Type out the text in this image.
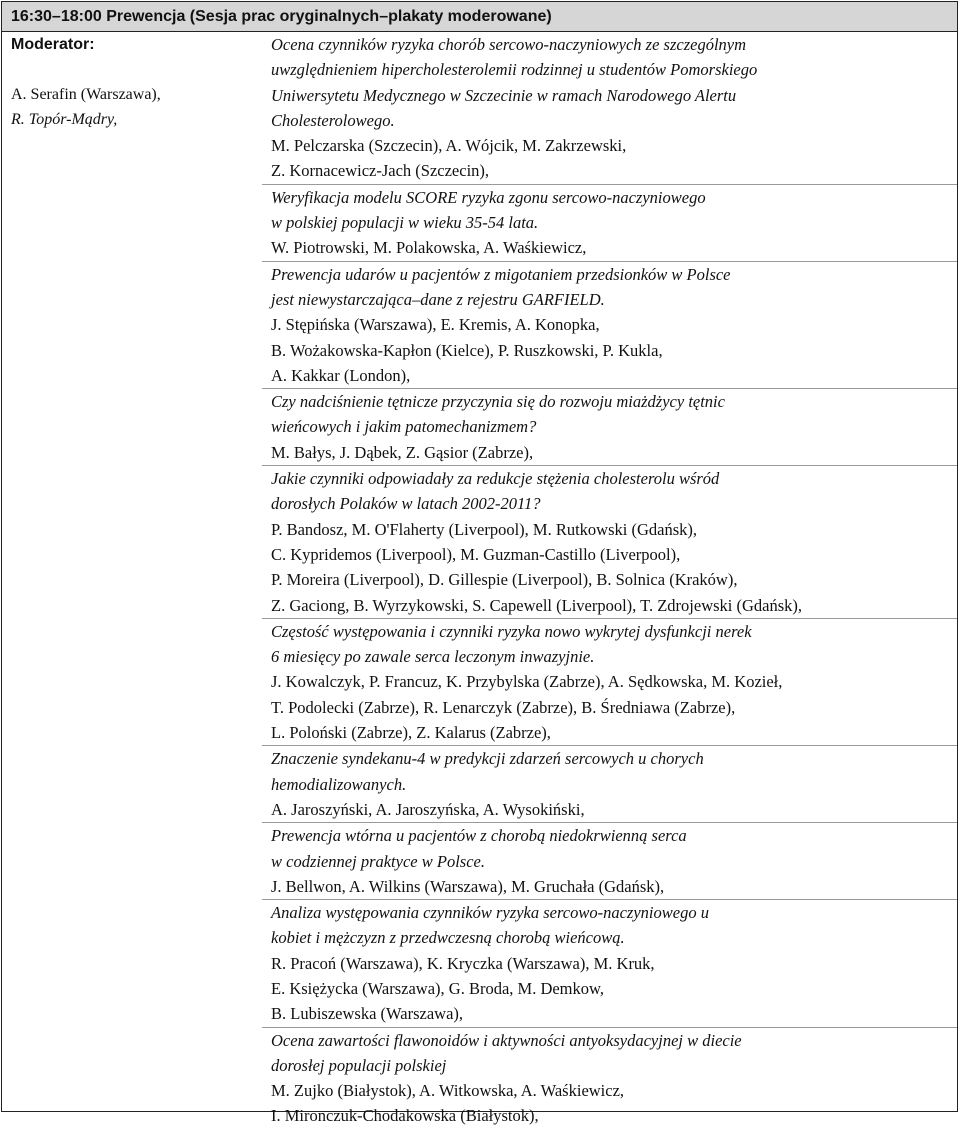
16:30–18:00 Prewencja (Sesja prac oryginalnych–plakaty moderowane)
Moderator:
A. Serafin (Warszawa),
R. Topór-Mądry,
Ocena czynników ryzyka chorób sercowo-naczyniowych ze szczególnym
uwzględnieniem hipercholesterolemii rodzinnej u studentów Pomorskiego
Uniwersytetu Medycznego w Szczecinie w ramach Narodowego Alertu
Cholesterolowego.
M. Pelczarska (Szczecin), A. Wójcik, M. Zakrzewski,
Z. Kornacewicz-Jach (Szczecin),
Weryfikacja modelu SCORE ryzyka zgonu sercowo-naczyniowego
w polskiej populacji w wieku 35-54 lata.
W. Piotrowski, M. Polakowska, A. Waśkiewicz,
Prewencja udarów u pacjentów z migotaniem przedsionków w Polsce
jest niewystarczająca–dane z rejestru GARFIELD.
J. Stępińska (Warszawa), E. Kremis, A. Konopka,
B. Wożakowska-Kapłon (Kielce), P. Ruszkowski, P. Kukla,
A. Kakkar (London),
Czy nadciśnienie tętnicze przyczynia się do rozwoju miażdżycy tętnic
wieńcowych i jakim patomechanizmem?
M. Bałys, J. Dąbek, Z. Gąsior (Zabrze),
Jakie czynniki odpowiadały za redukcje stężenia cholesterolu wśród
dorosłych Polaków w latach 2002-2011?
P. Bandosz, M. O'Flaherty (Liverpool), M. Rutkowski (Gdańsk),
C. Kypridemos (Liverpool), M. Guzman-Castillo (Liverpool),
P. Moreira (Liverpool), D. Gillespie (Liverpool), B. Solnica (Kraków),
Z. Gaciong, B. Wyrzykowski, S. Capewell (Liverpool), T. Zdrojewski (Gdańsk),
Częstość występowania i czynniki ryzyka nowo wykrytej dysfunkcji nerek
6 miesięcy po zawale serca leczonym inwazyjnie.
J. Kowalczyk, P. Francuz, K. Przybylska (Zabrze), A. Sędkowska, M. Kozieł,
T. Podolecki (Zabrze), R. Lenarczyk (Zabrze), B. Średniawa (Zabrze),
L. Poloński (Zabrze), Z. Kalarus (Zabrze),
Znaczenie syndekanu-4 w predykcji zdarzeń sercowych u chorych
hemodializowanych.
A. Jaroszyński, A. Jaroszyńska, A. Wysokiński,
Prewencja wtórna u pacjentów z chorobą niedokrwienną serca
w codziennej praktyce w Polsce.
J. Bellwon, A. Wilkins (Warszawa), M. Gruchała (Gdańsk),
Analiza występowania czynników ryzyka sercowo-naczyniowego u
kobiet i mężczyzn z przedwczesną chorobą wieńcową.
R. Pracoń (Warszawa), K. Kryczka (Warszawa), M. Kruk,
E. Księżycka (Warszawa), G. Broda, M. Demkow,
B. Lubiszewska (Warszawa),
Ocena zawartości flawonoidów i aktywności antyoksydacyjnej w diecie
dorosłej populacji polskiej
M. Zujko (Białystok), A. Witkowska, A. Waśkiewicz,
I. Mironczuk-Chodakowska (Białystok),
